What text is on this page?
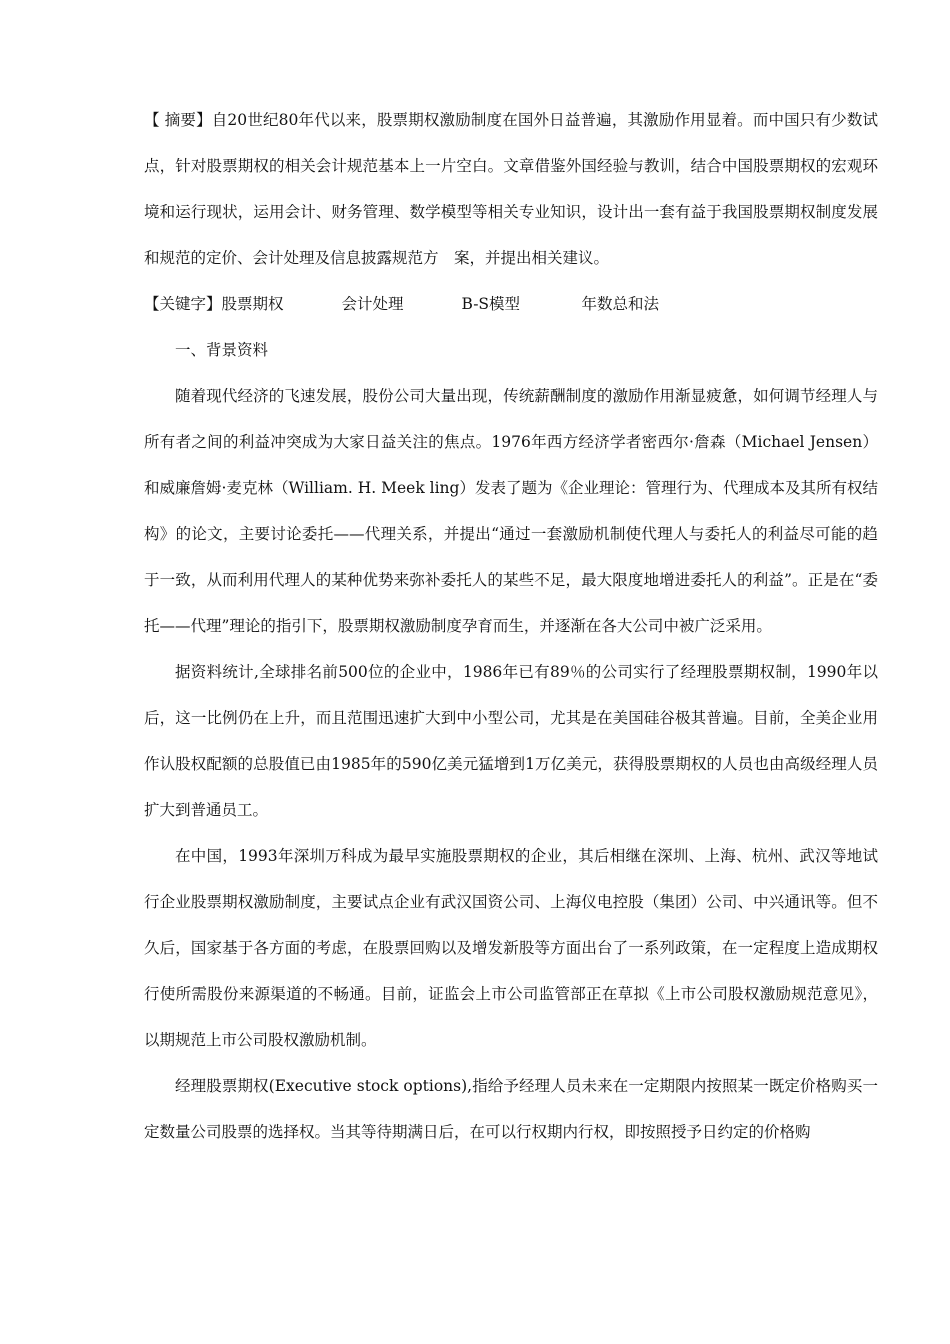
【 摘要】自20世纪80年代以来，股票期权激励制度在国外日益普遍，其激励作用显着。而中国只有少数试点，针对股票期权的相关会计规范基本上一片空白。文章借鉴外国经验与教训，结合中国股票期权的宏观环境和运行现状，运用会计、财务管理、数学模型等相关专业知识，设计出一套有益于我国股票期权制度发展和规范的定价、会计处理及信息披露规范方　案，并提出相关建议。

【关键字】股票期权	会计处理	B-S模型	年数总和法

一、背景资料

随着现代经济的飞速发展，股份公司大量出现，传统薪酬制度的激励作用渐显疲惫，如何调节经理人与所有者之间的利益冲突成为大家日益关注的焦点。1976年西方经济学者密西尔·詹森（Michael Jensen）和威廉詹姆·麦克林（William. H. Meek ling）发表了题为《企业理论：管理行为、代理成本及其所有权结构》的论文，主要讨论委托——代理关系，并提出“通过一套激励机制使代理人与委托人的利益尽可能的趋于一致，从而利用代理人的某种优势来弥补委托人的某些不足，最大限度地增进委托人的利益”。正是在“委托——代理”理论的指引下，股票期权激励制度孕育而生，并逐渐在各大公司中被广泛采用。

据资料统计,全球排名前500位的企业中，1986年已有89％的公司实行了经理股票期权制，1990年以后，这一比例仍在上升，而且范围迅速扩大到中小型公司，尤其是在美国硅谷极其普遍。目前，全美企业用作认股权配额的总股值已由1985年的590亿美元猛增到1万亿美元，获得股票期权的人员也由高级经理人员扩大到普通员工。

在中国，1993年深圳万科成为最早实施股票期权的企业，其后相继在深圳、上海、杭州、武汉等地试行企业股票期权激励制度，主要试点企业有武汉国资公司、上海仪电控股（集团）公司、中兴通讯等。但不久后，国家基于各方面的考虑，在股票回购以及增发新股等方面出台了一系列政策，在一定程度上造成期权行使所需股份来源渠道的不畅通。目前，证监会上市公司监管部正在草拟《上市公司股权激励规范意见》，以期规范上市公司股权激励机制。

经理股票期权(Executive stock options),指给予经理人员未来在一定期限内按照某一既定价格购买一定数量公司股票的选择权。当其等待期满日后，在可以行权期内行权，即按照授予日约定的价格购
